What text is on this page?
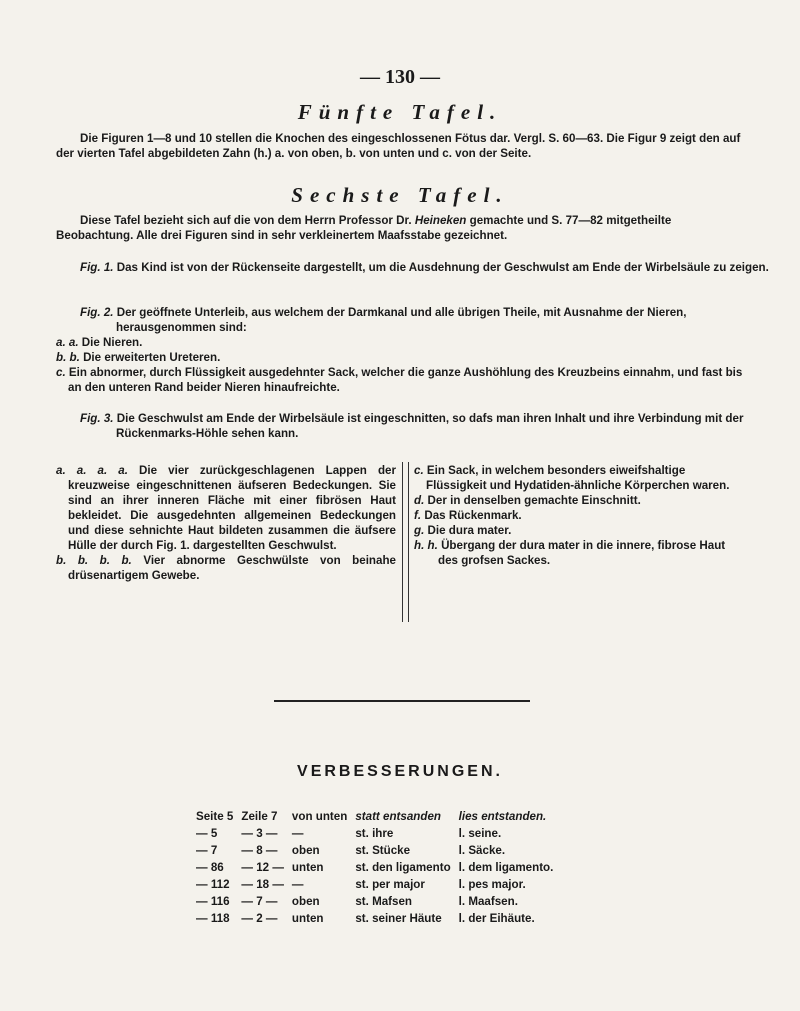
— 130 —
Fünfte Tafel.
Die Figuren 1—8 und 10 stellen die Knochen des eingeschlossenen Fötus dar. Vergl. S. 60—63. Die Figur 9 zeigt den auf der vierten Tafel abgebildeten Zahn (h.) a. von oben, b. von unten und c. von der Seite.
Sechste Tafel.
Diese Tafel bezieht sich auf die von dem Herrn Professor Dr. Heineken gemachte und S. 77—82 mitgetheilte Beobachtung. Alle drei Figuren sind in sehr verkleinertem Maafsstabe gezeichnet.
Fig. 1. Das Kind ist von der Rückenseite dargestellt, um die Ausdehnung der Geschwulst am Ende der Wirbelsäule zu zeigen.
Fig. 2. Der geöffnete Unterleib, aus welchem der Darmkanal und alle übrigen Theile, mit Ausnahme der Nieren, herausgenommen sind:
a. a. Die Nieren.
b. b. Die erweiterten Ureteren.
c. Ein abnormer, durch Flüssigkeit ausgedehnter Sack, welcher die ganze Aushöhlung des Kreuzbeins einnahm, und fast bis an den unteren Rand beider Nieren hinaufreichte.
Fig. 3. Die Geschwulst am Ende der Wirbelsäule ist eingeschnitten, so dafs man ihren Inhalt und ihre Verbindung mit der Rückenmarks-Höhle sehen kann.
a. a. a. a. Die vier zurückgeschlagenen Lappen der kreuzweise eingeschnittenen äufseren Bedeckungen. Sie sind an ihrer inneren Fläche mit einer fibrösen Haut bekleidet. Die ausgedehnten allgemeinen Bedeckungen und diese sehnichte Haut bildeten zusammen die äufsere Hülle der durch Fig. 1. dargestellten Geschwulst.
b. b. b. b. Vier abnorme Geschwülste von beinahe drüsenartigem Gewebe.
c. Ein Sack, in welchem besonders eiweifshaltige Flüssigkeit und Hydatiden-ähnliche Körperchen waren.
d. Der in denselben gemachte Einschnitt.
f. Das Rückenmark.
g. Die dura mater.
h. h. Übergang der dura mater in die innere, fibrose Haut des grofsen Sackes.
VERBESSERUNGEN.
Seite 5	Zeile 7	von unten	statt entsanden	lies entstanden.
— 5	— 3 —	—	st. ihre	l. seine.
— 7	— 8 —	oben	st. Stücke	l. Säcke.
— 86	— 12 —	unten	st. den ligamento	l. dem ligamento.
— 112	— 18 —	—	st. per major	l. pes major.
— 116	— 7 —	oben	st. Mafsen	l. Maafsen.
— 118	— 2 —	unten	st. seiner Häute	l. der Eihäute.
